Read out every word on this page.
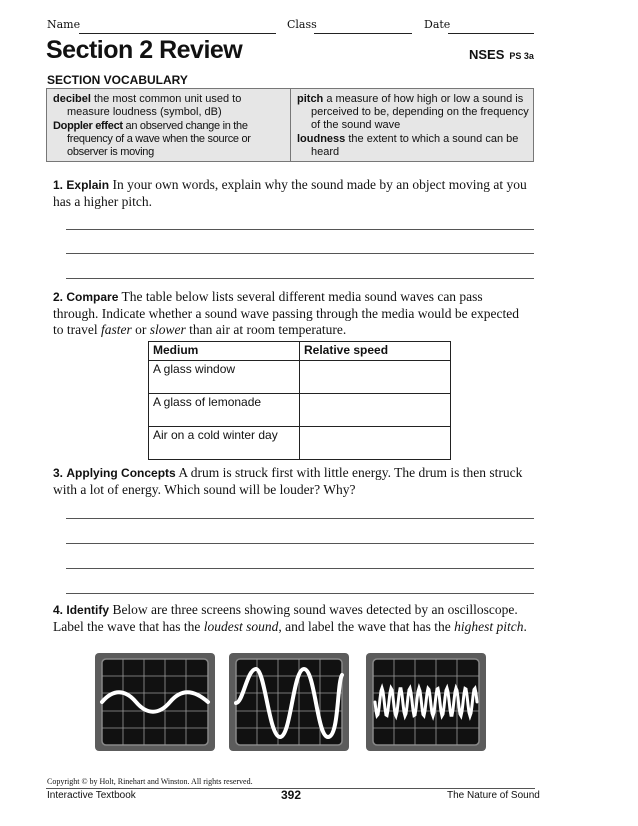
Name	Class	Date
Section 2 Review	NSES PS 3a
SECTION VOCABULARY
decibel the most common unit used to measure loudness (symbol, dB)
Doppler effect an observed change in the frequency of a wave when the source or observer is moving
pitch a measure of how high or low a sound is perceived to be, depending on the frequency of the sound wave
loudness the extent to which a sound can be heard
1. Explain In your own words, explain why the sound made by an object moving at you has a higher pitch.
2. Compare The table below lists several different media sound waves can pass through. Indicate whether a sound wave passing through the media would be expected to travel faster or slower than air at room temperature.
Medium	Relative speed
A glass window	
A glass of lemonade	
Air on a cold winter day	
3. Applying Concepts A drum is struck first with little energy. The drum is then struck with a lot of energy. Which sound will be louder? Why?
4. Identify Below are three screens showing sound waves detected by an oscilloscope. Label the wave that has the loudest sound, and label the wave that has the highest pitch.
Copyright © by Holt, Rinehart and Winston. All rights reserved.
Interactive Textbook	392	The Nature of Sound
